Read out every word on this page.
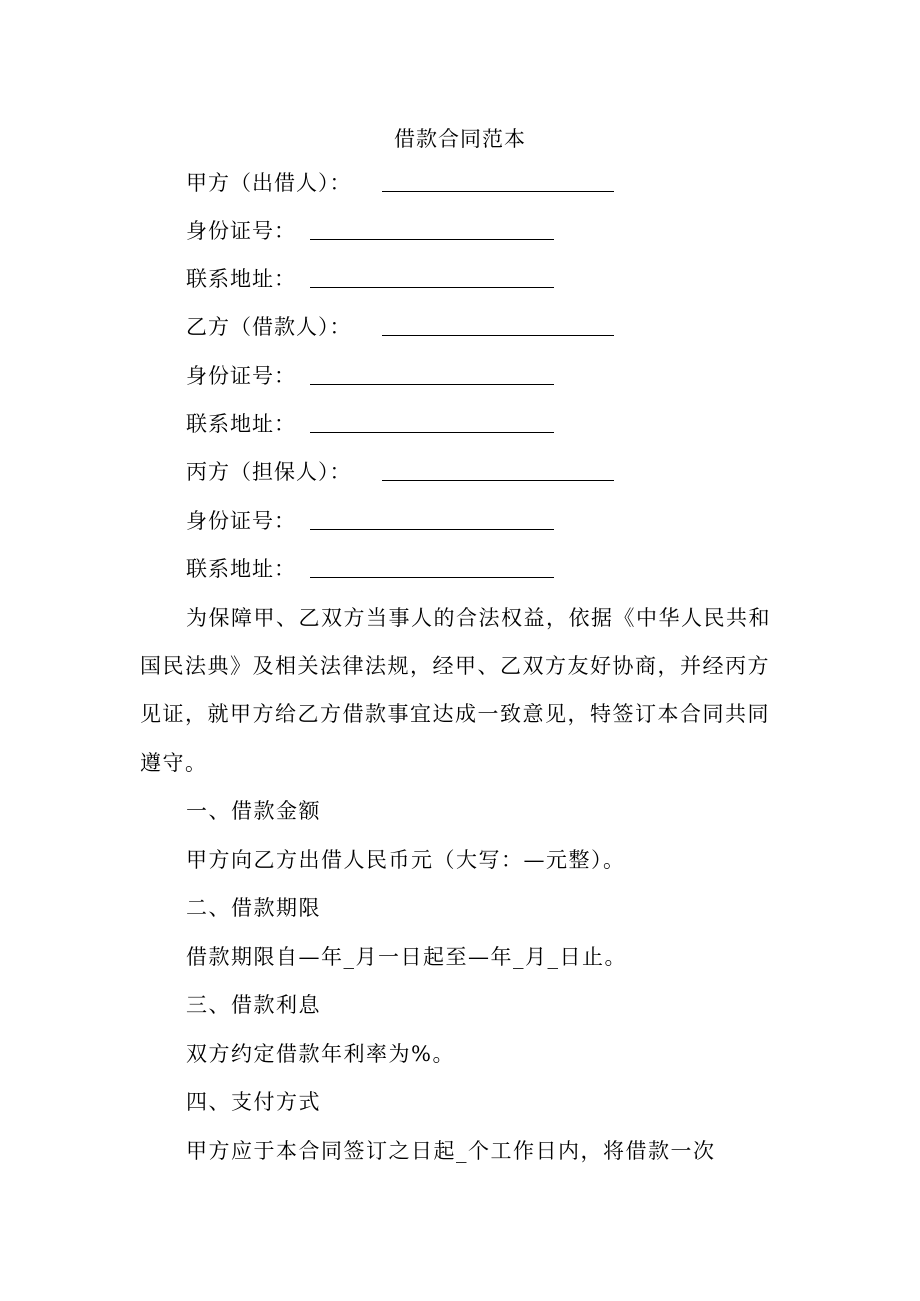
借款合同范本
甲方（出借人）：
身份证号：
联系地址：
乙方（借款人）：
身份证号：
联系地址：
丙方（担保人）：
身份证号：
联系地址：
为保障甲、乙双方当事人的合法权益，依据《中华人民共和
国民法典》及相关法律法规，经甲、乙双方友好协商，并经丙方
见证，就甲方给乙方借款事宜达成一致意见，特签订本合同共同
遵守。
一、借款金额
甲方向乙方出借人民币元（大写：—元整）。
二、借款期限
借款期限自—年_月一日起至—年_月_日止。
三、借款利息
双方约定借款年利率为%。
四、支付方式
甲方应于本合同签订之日起_个工作日内，将借款一次
